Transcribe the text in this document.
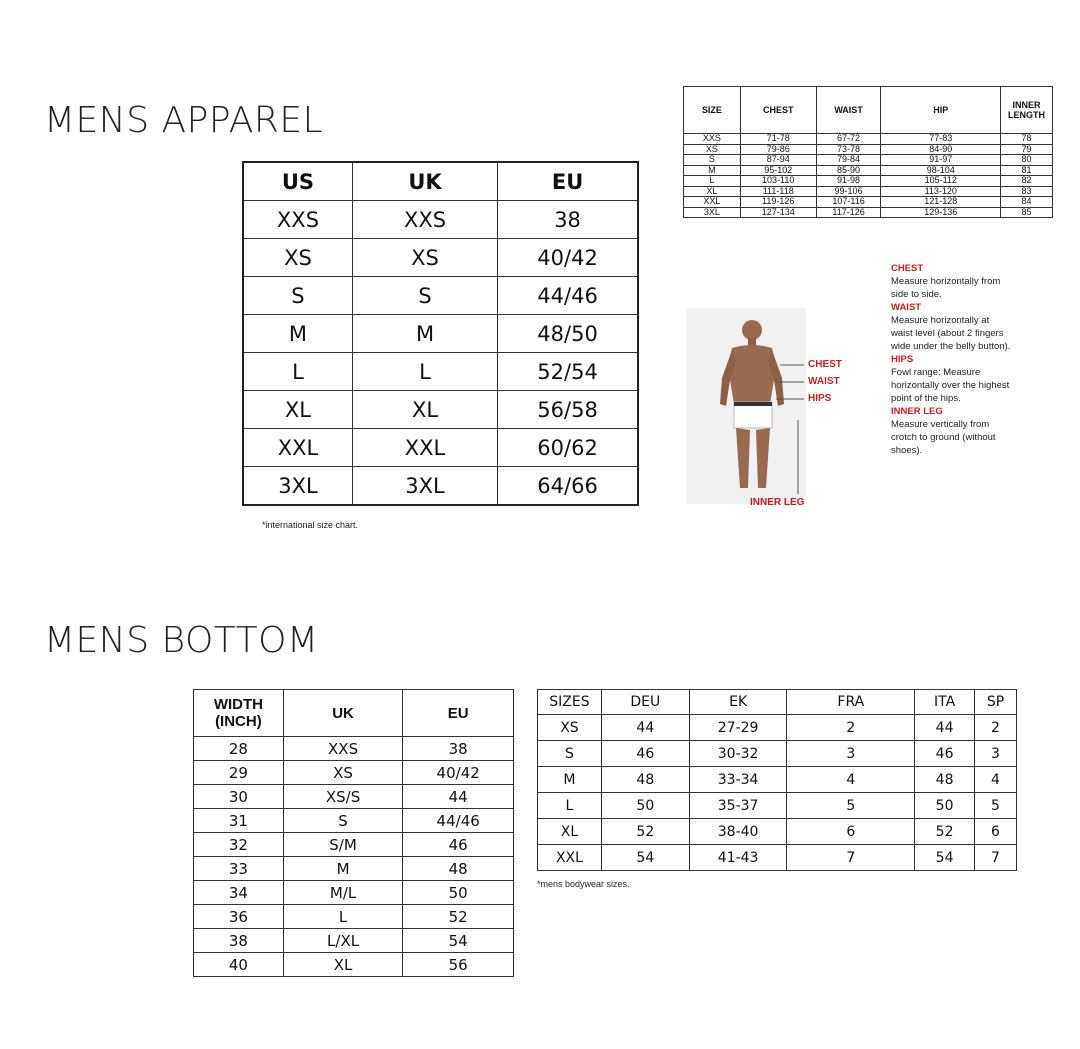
MENS APPAREL
US	UK	EU
XXS	XXS	38
XS	XS	40/42
S	S	44/46
M	M	48/50
L	L	52/54
XL	XL	56/58
XXL	XXL	60/62
3XL	3XL	64/66
*international size chart.
SIZE	CHEST	WAIST	HIP	INNER LENGTH
XXS	71-78	67-72	77-83	78
XS	79-86	73-78	84-90	79
S	87-94	79-84	91-97	80
M	95-102	85-90	98-104	81
L	103-110	91-98	105-112	82
XL	111-118	99-106	113-120	83
XXL	119-126	107-116	121-128	84
3XL	127-134	117-126	129-136	85
CHEST
WAIST
HIPS
INNER LEG
CHEST
Measure horizontally from side to side.
WAIST
Measure horizontally at waist level (about 2 fingers wide under the belly button).
HIPS
Fowl range: Measure horizontally over the highest point of the hips.
INNER LEG
Measure vertically from crotch to ground (without shoes).
MENS BOTTOM
WIDTH (INCH)	UK	EU
28	XXS	38
29	XS	40/42
30	XS/S	44
31	S	44/46
32	S/M	46
33	M	48
34	M/L	50
36	L	52
38	L/XL	54
40	XL	56
SIZES	DEU	EK	FRA	ITA	SP
XS	44	27-29	2	44	2
S	46	30-32	3	46	3
M	48	33-34	4	48	4
L	50	35-37	5	50	5
XL	52	38-40	6	52	6
XXL	54	41-43	7	54	7
*mens bodywear sizes.
